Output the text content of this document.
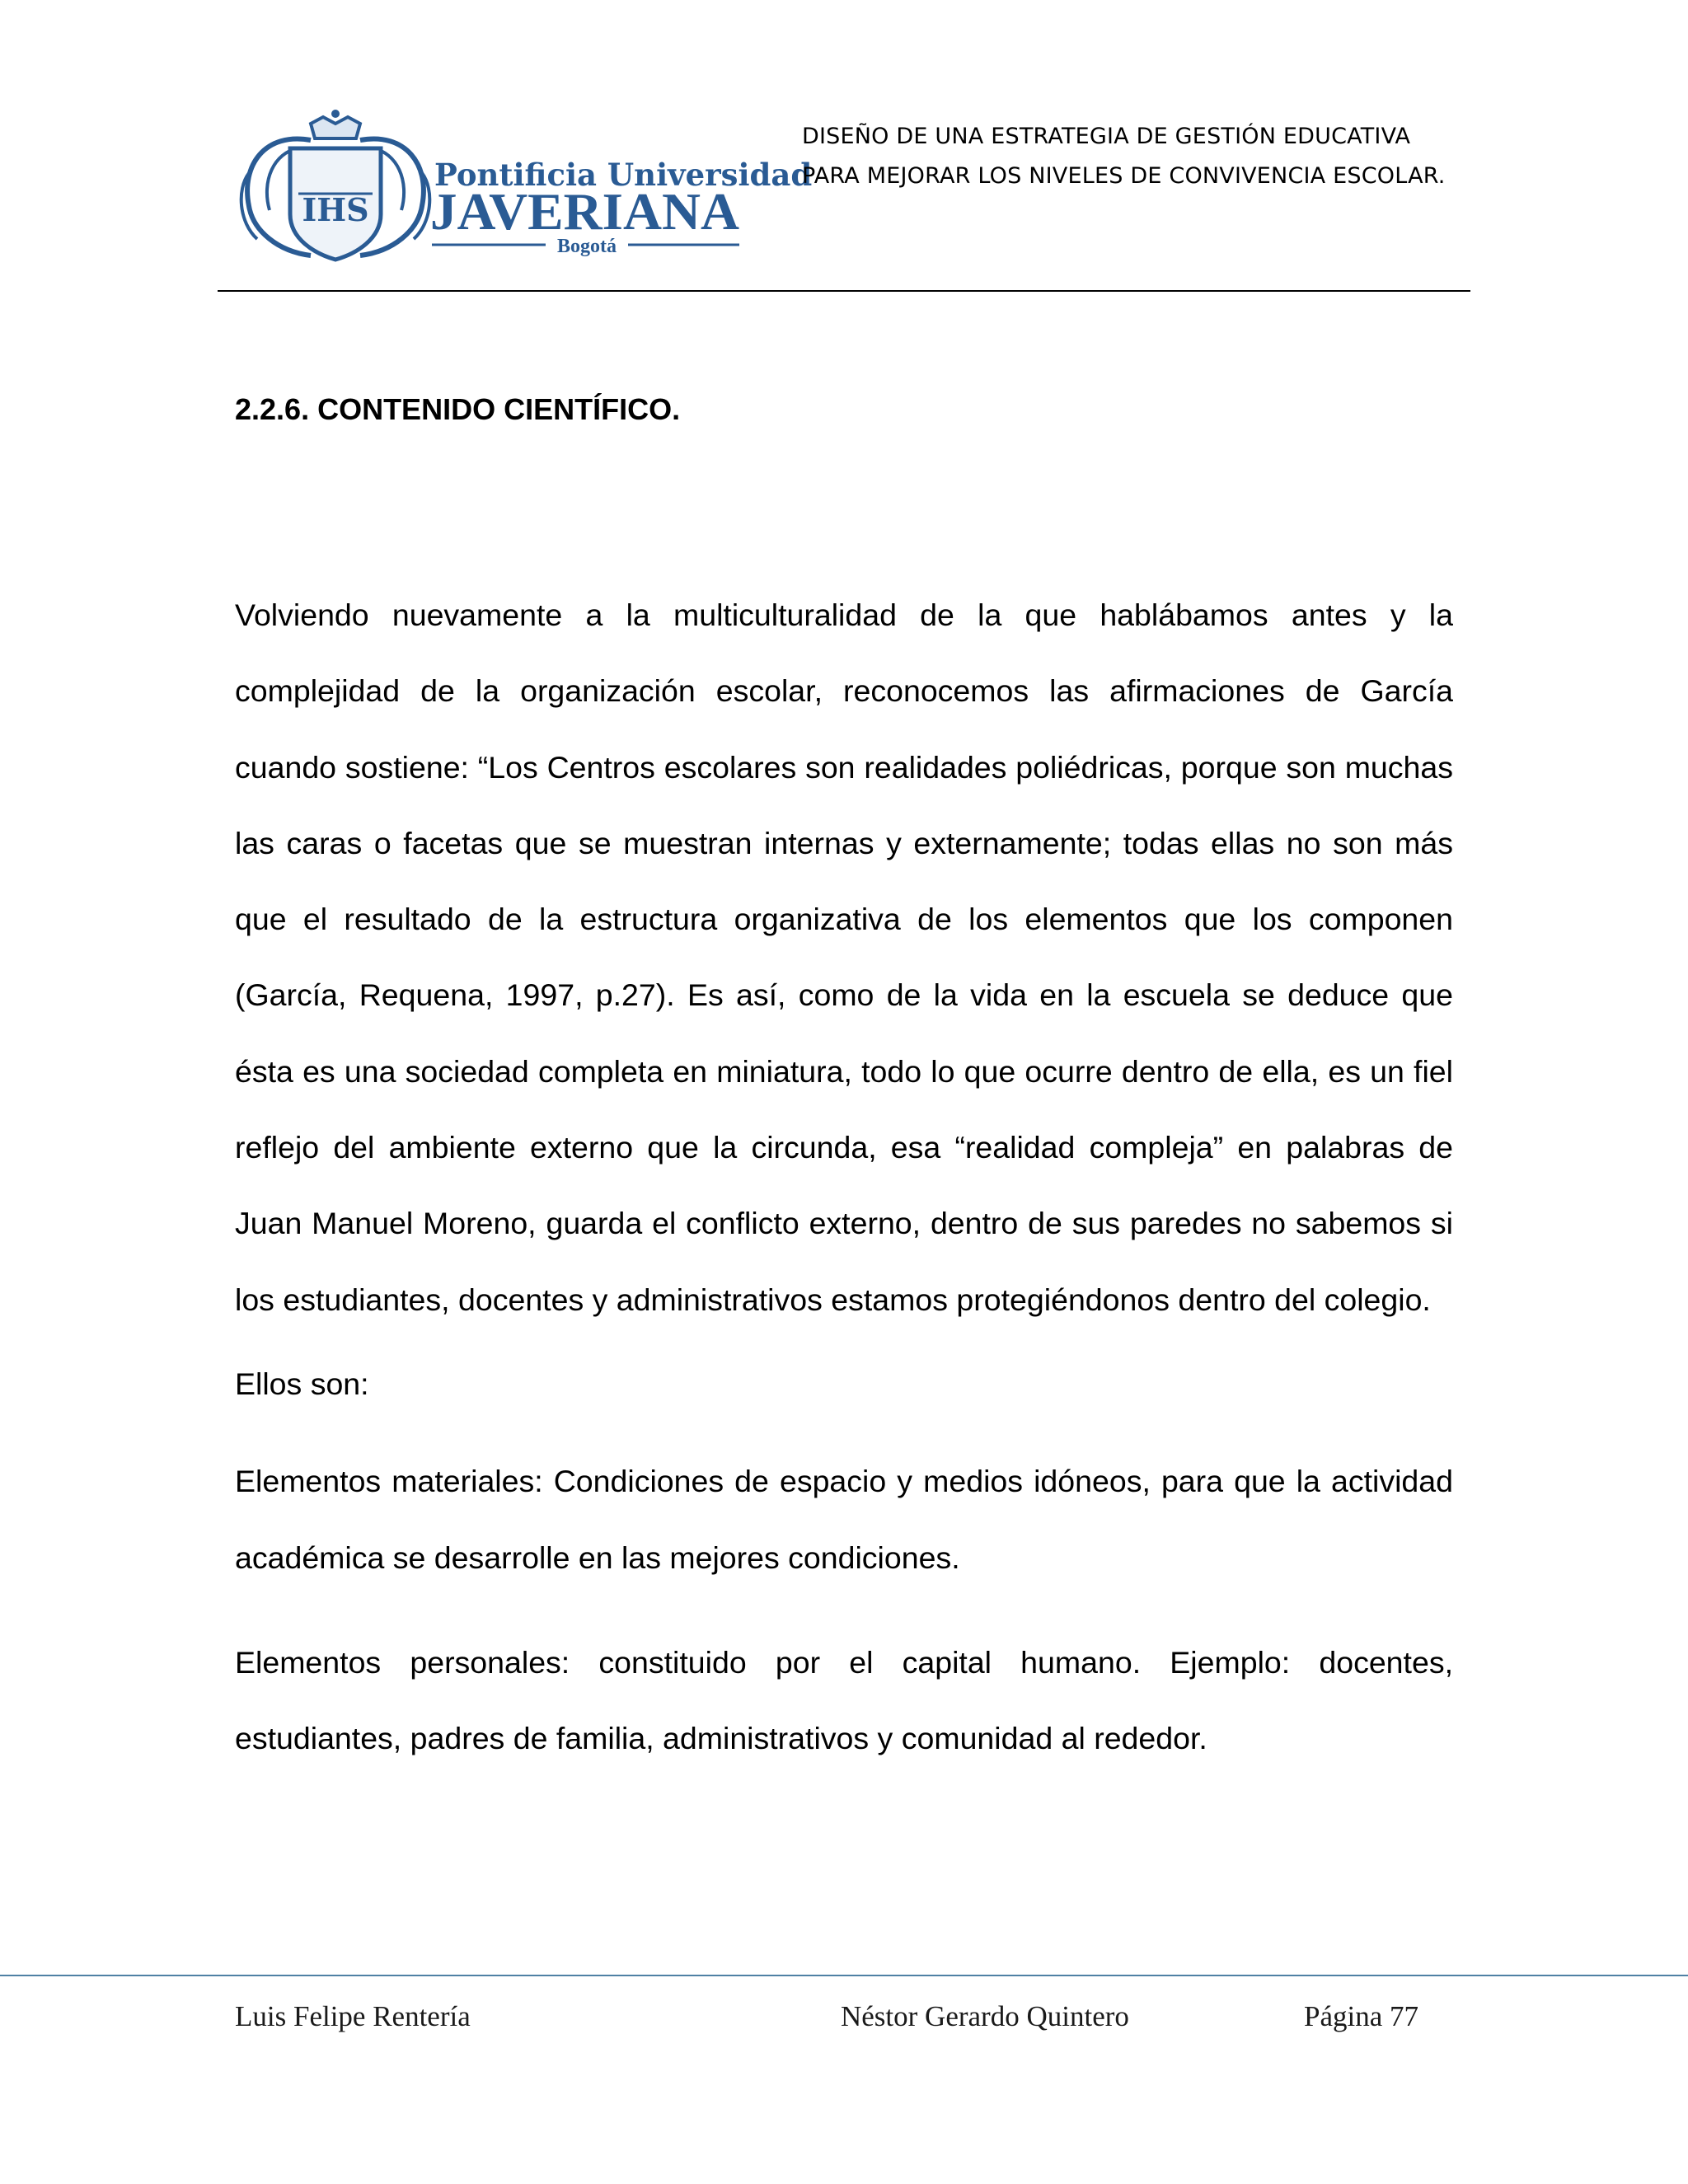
IHS
Pontificia Universidad
JAVERIANA
Bogotá
DISEÑO DE UNA ESTRATEGIA DE GESTIÓN EDUCATIVA
PARA MEJORAR LOS NIVELES DE CONVIVENCIA ESCOLAR.
2.2.6. CONTENIDO CIENTÍFICO.

Volviendo nuevamente a la multiculturalidad de la que hablábamos antes y la complejidad de la organización escolar, reconocemos las afirmaciones de García cuando sostiene: “Los Centros escolares son realidades poliédricas, porque son muchas las caras o facetas que se muestran internas y externamente; todas ellas no son más que el resultado de la estructura organizativa de los elementos que los componen (García, Requena, 1997, p.27). Es así, como de la vida en la escuela se deduce que ésta es una sociedad completa en miniatura, todo lo que ocurre dentro de ella, es un fiel reflejo del ambiente externo que la circunda, esa “realidad compleja” en palabras de Juan Manuel Moreno, guarda el conflicto externo, dentro de sus paredes no sabemos si los estudiantes, docentes y administrativos estamos protegiéndonos dentro del colegio.

Ellos son:

Elementos materiales: Condiciones de espacio y medios idóneos, para que la actividad académica se desarrolle en las mejores condiciones.

Elementos personales: constituido por el capital humano. Ejemplo: docentes, estudiantes, padres de familia, administrativos y comunidad al rededor.

Luis Felipe Rentería	Néstor Gerardo Quintero	Página 77
